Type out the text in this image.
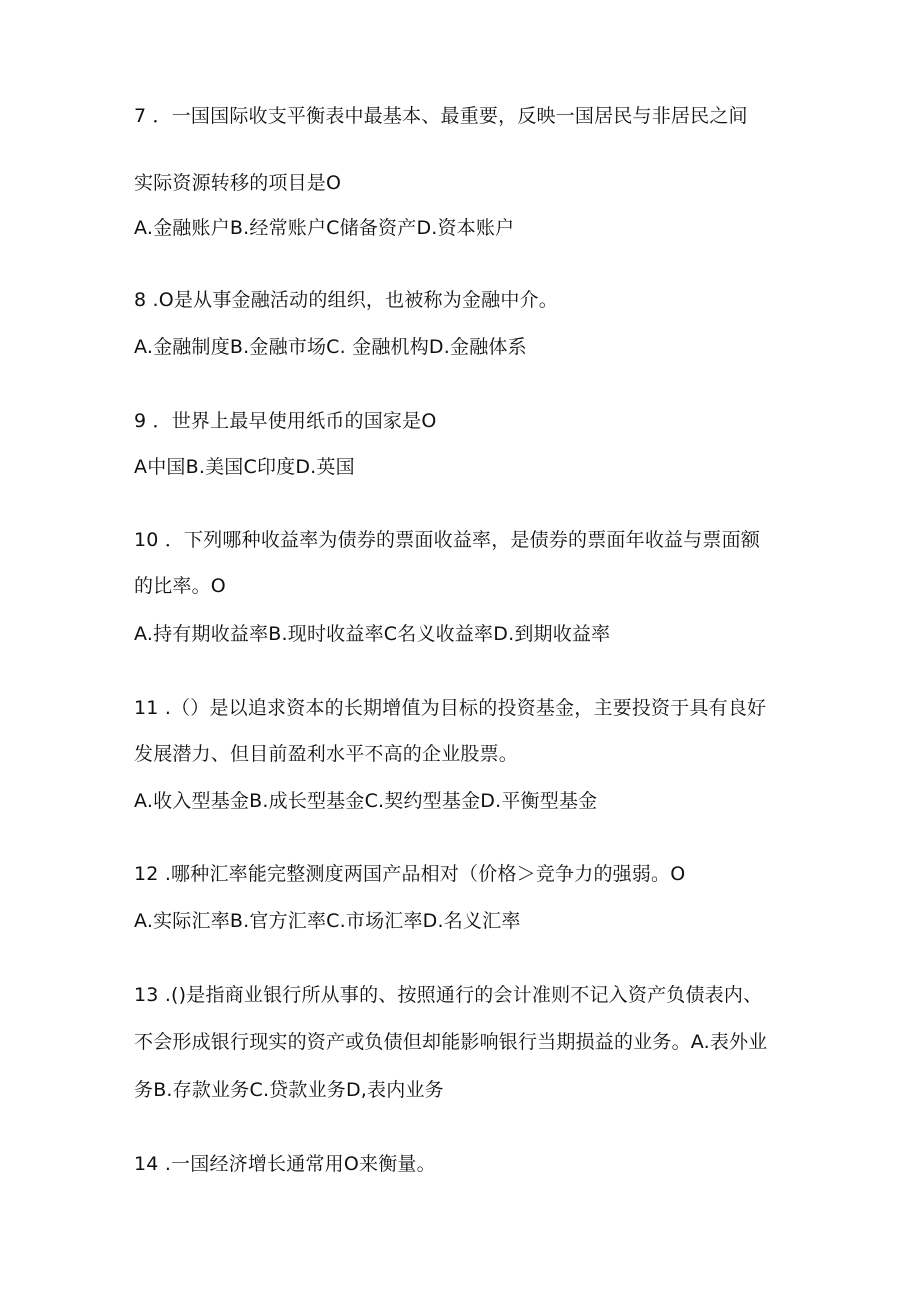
7 ．一国国际收支平衡表中最基本、最重要，反映一国居民与非居民之间
实际资源转移的项目是O
A.金融账户B.经常账户C储备资产D.资本账户
8 .O是从事金融活动的组织，也被称为金融中介。
A.金融制度B.金融市场C. 金融机构D.金融体系
9 ．世界上最早使用纸币的国家是O
A中国B.美国C印度D.英国
10 ．下列哪种收益率为债券的票面收益率，是债券的票面年收益与票面额
的比率。O
A.持有期收益率B.现时收益率C名义收益率D.到期收益率
11 .（）是以追求资本的长期增值为目标的投资基金，主要投资于具有良好
发展潜力、但目前盈利水平不高的企业股票。
A.收入型基金B.成长型基金C.契约型基金D.平衡型基金
12 .哪种汇率能完整测度两国产品相对（价格＞竞争力的强弱。O
A.实际汇率B.官方汇率C.市场汇率D.名义汇率
13 .()是指商业银行所从事的、按照通行的会计准则不记入资产负债表内、
不会形成银行现实的资产或负债但却能影响银行当期损益的业务。A.表外业
务B.存款业务C.贷款业务D,表内业务
14 .一国经济增长通常用O来衡量。
